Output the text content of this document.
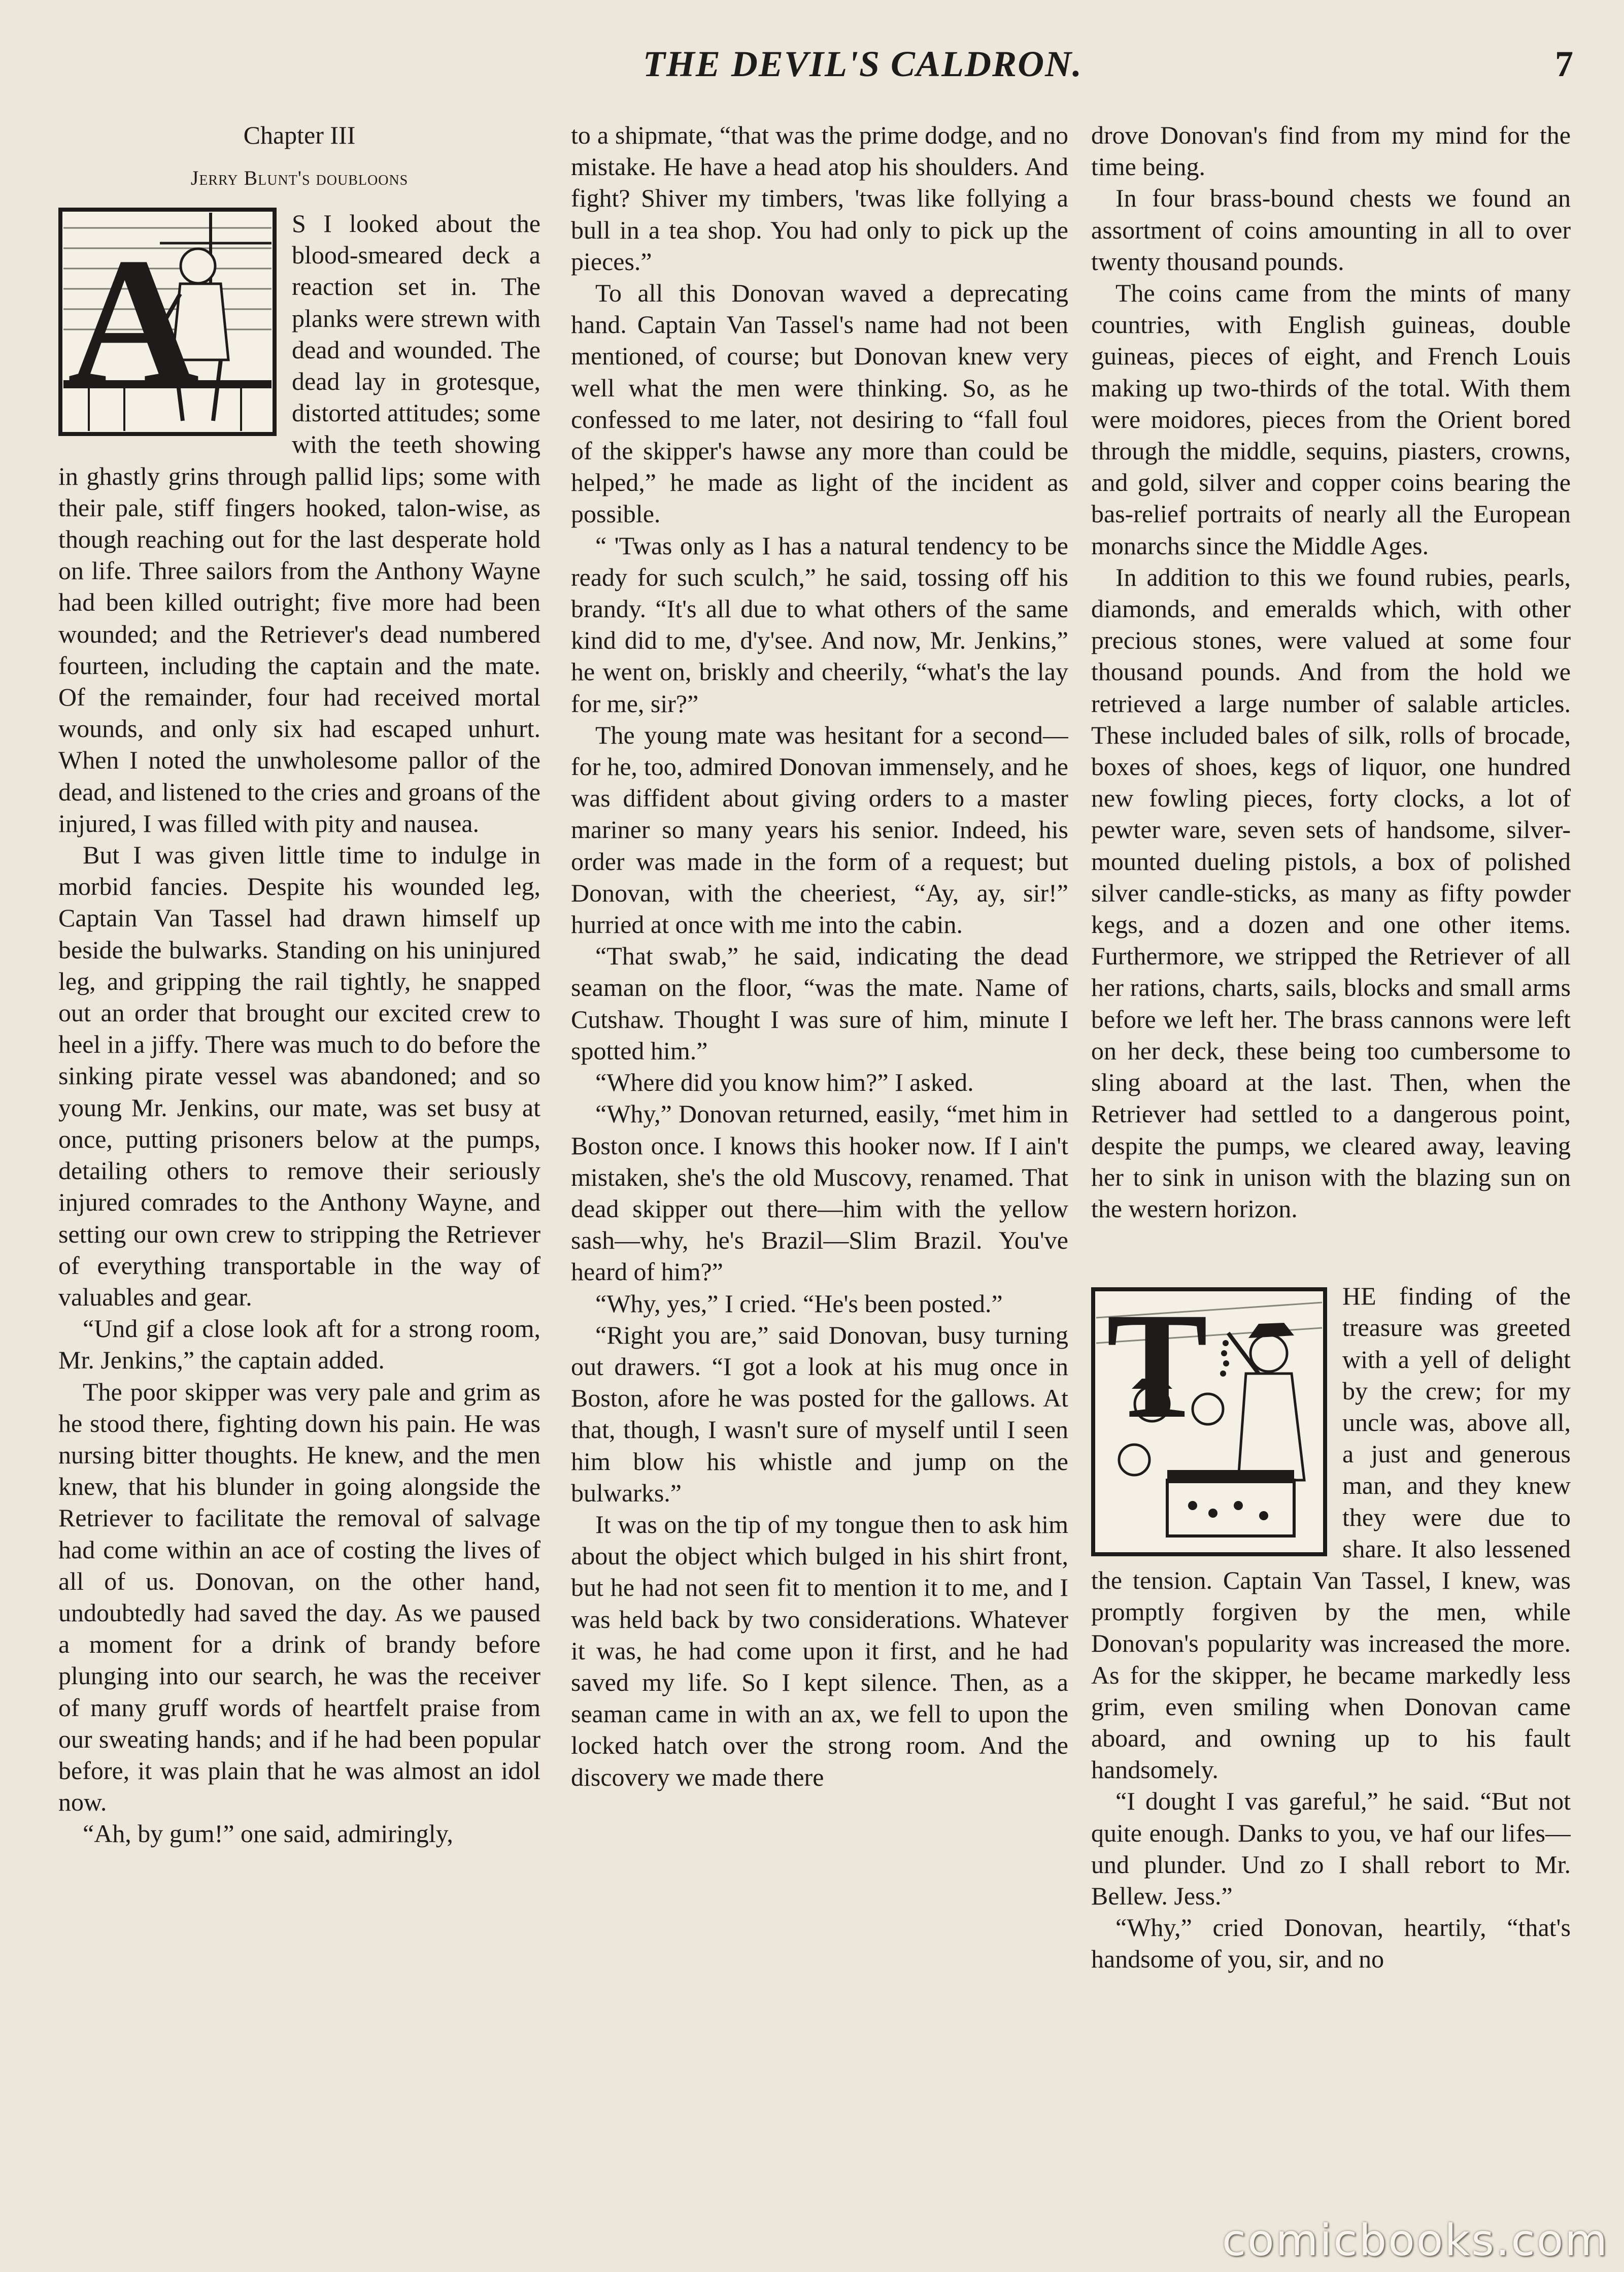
THE DEVIL'S CALDRON.	7
Chapter III
Jerry Blunt's doubloons
A	S I looked about the blood-smeared deck a reaction set in. The planks were strewn with dead and wounded. The dead lay in grotesque, distorted attitudes; some with the teeth showing in ghastly grins through pallid lips; some with their pale, stiff fingers hooked, talon-wise, as though reaching out for the last desperate hold on life. Three sailors from the Anthony Wayne had been killed outright; five more had been wounded; and the Retriever's dead numbered fourteen, including the captain and the mate. Of the remainder, four had received mortal wounds, and only six had escaped unhurt. When I noted the unwholesome pallor of the dead, and listened to the cries and groans of the injured, I was filled with pity and nausea.

But I was given little time to indulge in morbid fancies. Despite his wounded leg, Captain Van Tassel had drawn himself up beside the bulwarks. Standing on his uninjured leg, and gripping the rail tightly, he snapped out an order that brought our excited crew to heel in a jiffy. There was much to do before the sinking pirate vessel was abandoned; and so young Mr. Jenkins, our mate, was set busy at once, putting prisoners below at the pumps, detailing others to remove their seriously injured comrades to the Anthony Wayne, and setting our own crew to stripping the Retriever of everything transportable in the way of valuables and gear.

“Und gif a close look aft for a strong room, Mr. Jenkins,” the captain added.

The poor skipper was very pale and grim as he stood there, fighting down his pain. He was nursing bitter thoughts. He knew, and the men knew, that his blunder in going alongside the Retriever to facilitate the removal of salvage had come within an ace of costing the lives of all of us. Donovan, on the other hand, undoubtedly had saved the day. As we paused a moment for a drink of brandy before plunging into our search, he was the receiver of many gruff words of heartfelt praise from our sweating hands; and if he had been popular before, it was plain that he was almost an idol now.

“Ah, by gum!” one said, admiringly,

to a shipmate, “that was the prime dodge, and no mistake. He have a head atop his shoulders. And fight? Shiver my timbers, 'twas like follying a bull in a tea shop. You had only to pick up the pieces.”

To all this Donovan waved a deprecating hand. Captain Van Tassel's name had not been mentioned, of course; but Donovan knew very well what the men were thinking. So, as he confessed to me later, not desiring to “fall foul of the skipper's hawse any more than could be helped,” he made as light of the incident as possible.

“ 'Twas only as I has a natural tendency to be ready for such sculch,” he said, tossing off his brandy. “It's all due to what others of the same kind did to me, d'y'see. And now, Mr. Jenkins,” he went on, briskly and cheerily, “what's the lay for me, sir?”

The young mate was hesitant for a second—for he, too, admired Donovan immensely, and he was diffident about giving orders to a master mariner so many years his senior. Indeed, his order was made in the form of a request; but Donovan, with the cheeriest, “Ay, ay, sir!” hurried at once with me into the cabin.

“That swab,” he said, indicating the dead seaman on the floor, “was the mate. Name of Cutshaw. Thought I was sure of him, minute I spotted him.”

“Where did you know him?” I asked.

“Why,” Donovan returned, easily, “met him in Boston once. I knows this hooker now. If I ain't mistaken, she's the old Muscovy, renamed. That dead skipper out there—him with the yellow sash—why, he's Brazil—Slim Brazil. You've heard of him?”

“Why, yes,” I cried. “He's been posted.”

“Right you are,” said Donovan, busy turning out drawers. “I got a look at his mug once in Boston, afore he was posted for the gallows. At that, though, I wasn't sure of myself until I seen him blow his whistle and jump on the bulwarks.”

It was on the tip of my tongue then to ask him about the object which bulged in his shirt front, but he had not seen fit to mention it to me, and I was held back by two considerations. Whatever it was, he had come upon it first, and he had saved my life. So I kept silence. Then, as a seaman came in with an ax, we fell to upon the locked hatch over the strong room. And the discovery we made there

drove Donovan's find from my mind for the time being.

In four brass-bound chests we found an assortment of coins amounting in all to over twenty thousand pounds.

The coins came from the mints of many countries, with English guineas, double guineas, pieces of eight, and French Louis making up two-thirds of the total. With them were moidores, pieces from the Orient bored through the middle, sequins, piasters, crowns, and gold, silver and copper coins bearing the bas-relief portraits of nearly all the European monarchs since the Middle Ages.

In addition to this we found rubies, pearls, diamonds, and emeralds which, with other precious stones, were valued at some four thousand pounds. And from the hold we retrieved a large number of salable articles. These included bales of silk, rolls of brocade, boxes of shoes, kegs of liquor, one hundred new fowling pieces, forty clocks, a lot of pewter ware, seven sets of handsome, silver-mounted dueling pistols, a box of polished silver candle-sticks, as many as fifty powder kegs, and a dozen and one other items. Furthermore, we stripped the Retriever of all her rations, charts, sails, blocks and small arms before we left her. The brass cannons were left on her deck, these being too cumbersome to sling aboard at the last. Then, when the Retriever had settled to a dangerous point, despite the pumps, we cleared away, leaving her to sink in unison with the blazing sun on the western horizon.

T	HE finding of the treasure was greeted with a yell of delight by the crew; for my uncle was, above all, a just and generous man, and they knew they were due to share. It also lessened the tension. Captain Van Tassel, I knew, was promptly forgiven by the men, while Donovan's popularity was increased the more. As for the skipper, he became markedly less grim, even smiling when Donovan came aboard, and owning up to his fault handsomely.

“I dought I vas gareful,” he said. “But not quite enough. Danks to you, ve haf our lifes—und plunder. Und zo I shall rebort to Mr. Bellew. Jess.”

“Why,” cried Donovan, heartily, “that's handsome of you, sir, and no

comicbooks.com
